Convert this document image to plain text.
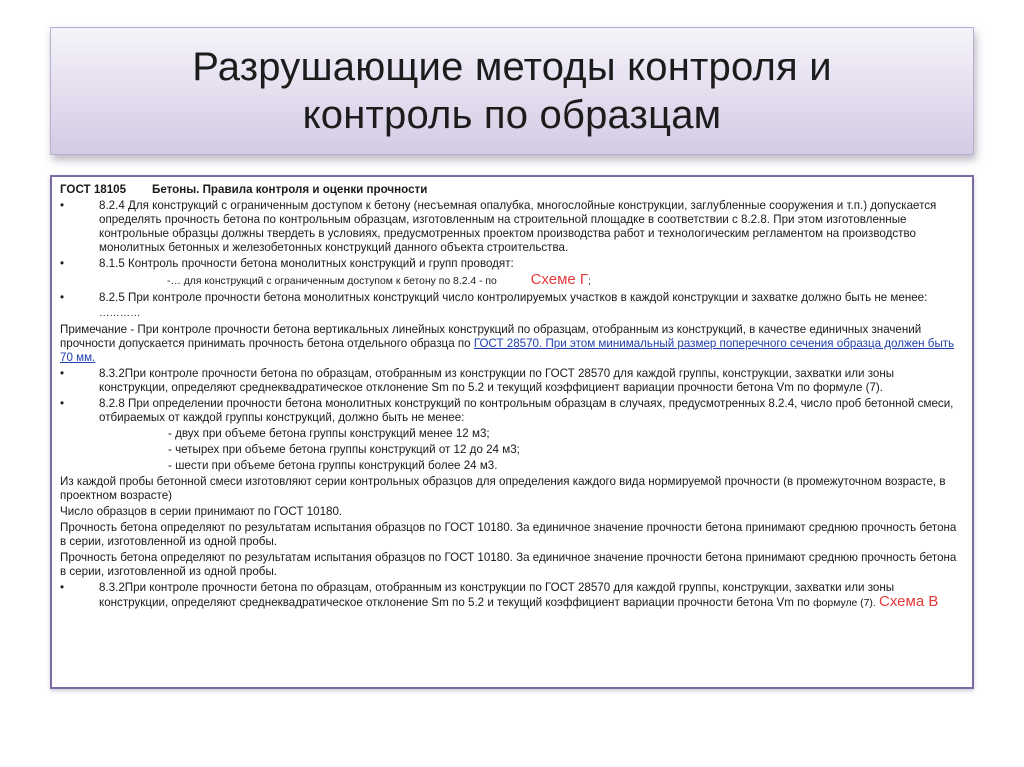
Разрушающие методы контроля и
контроль по образцам

ГОСТ 18105 Бетоны. Правила контроля и оценки прочности

•	8.2.4 Для конструкций с ограниченным доступом к бетону (несъемная опалубка, многослойные конструкции, заглубленные сооружения и т.п.) допускается определять прочность бетона по контрольным образцам, изготовленным на строительной площадке в соответствии с 8.2.8. При этом изготовленные контрольные образцы должны твердеть в условиях, предусмотренных проектом производства работ и технологическим регламентом на производство монолитных бетонных и железобетонных конструкций данного объекта строительства.
•	8.1.5 Контроль прочности бетона монолитных конструкций и групп проводят:

-… для конструкций с ограниченным доступом к бетону по 8.2.4 - по Схеме Г;

•	8.2.5 При контроле прочности бетона монолитных конструкций число контролируемых участков в каждой конструкции и захватке должно быть не менее:

…………

Примечание - При контроле прочности бетона вертикальных линейных конструкций по образцам, отобранным из конструкций, в качестве единичных значений прочности допускается принимать прочность бетона отдельного образца по ГОСТ 28570. При этом минимальный размер поперечного сечения образца должен быть 70 мм.

•	8.3.2При контроле прочности бетона по образцам, отобранным из конструкции по ГОСТ 28570 для каждой группы, конструкции, захватки или зоны конструкции, определяют среднеквадратическое отклонение Sm по 5.2 и текущий коэффициент вариации прочности бетона Vm по формуле (7).
•	8.2.8 При определении прочности бетона монолитных конструкций по контрольным образцам в случаях, предусмотренных 8.2.4, число проб бетонной смеси, отбираемых от каждой группы конструкций, должно быть не менее:

- двух при объеме бетона группы конструкций менее 12 м3;

- четырех при объеме бетона группы конструкций от 12 до 24 м3;

- шести при объеме бетона группы конструкций более 24 м3.

Из каждой пробы бетонной смеси изготовляют серии контрольных образцов для определения каждого вида нормируемой прочности (в промежуточном возрасте, в проектном возрасте)

Число образцов в серии принимают по ГОСТ 10180.

Прочность бетона определяют по результатам испытания образцов по ГОСТ 10180. За единичное значение прочности бетона принимают среднюю прочность бетона в серии, изготовленной из одной пробы.

Прочность бетона определяют по результатам испытания образцов по ГОСТ 10180. За единичное значение прочности бетона принимают среднюю прочность бетона в серии, изготовленной из одной пробы.

•	8.3.2При контроле прочности бетона по образцам, отобранным из конструкции по ГОСТ 28570 для каждой группы, конструкции, захватки или зоны конструкции, определяют среднеквадратическое отклонение Sm по 5.2 и текущий коэффициент вариации прочности бетона Vm по формуле (7). Схема В
